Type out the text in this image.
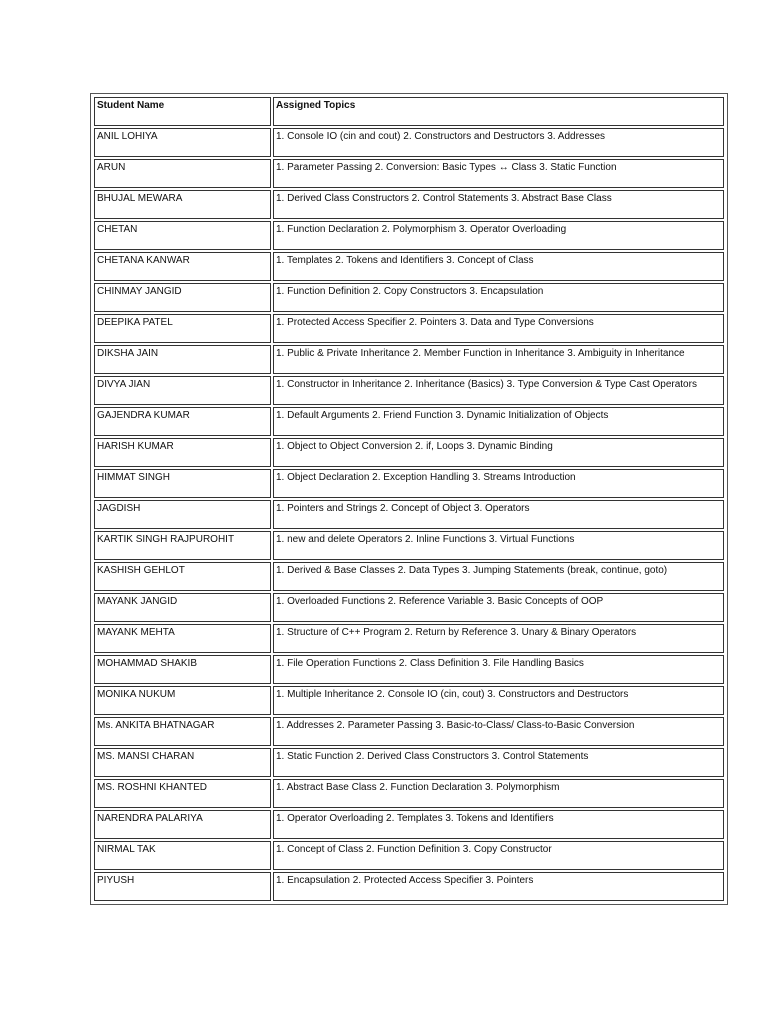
Student Name	Assigned Topics
ANIL LOHIYA	1. Console IO (cin and cout) 2. Constructors and Destructors 3. Addresses
ARUN	1. Parameter Passing 2. Conversion: Basic Types ↔ Class 3. Static Function
BHUJAL MEWARA	1. Derived Class Constructors 2. Control Statements 3. Abstract Base Class
CHETAN	1. Function Declaration 2. Polymorphism 3. Operator Overloading
CHETANA KANWAR	1. Templates 2. Tokens and Identifiers 3. Concept of Class
CHINMAY JANGID	1. Function Definition 2. Copy Constructors 3. Encapsulation
DEEPIKA PATEL	1. Protected Access Specifier 2. Pointers 3. Data and Type Conversions
DIKSHA JAIN	1. Public & Private Inheritance 2. Member Function in Inheritance 3. Ambiguity in Inheritance
DIVYA JIAN	1. Constructor in Inheritance 2. Inheritance (Basics) 3. Type Conversion & Type Cast Operators
GAJENDRA KUMAR	1. Default Arguments 2. Friend Function 3. Dynamic Initialization of Objects
HARISH KUMAR	1. Object to Object Conversion 2. if, Loops 3. Dynamic Binding
HIMMAT SINGH	1. Object Declaration 2. Exception Handling 3. Streams Introduction
JAGDISH	1. Pointers and Strings 2. Concept of Object 3. Operators
KARTIK SINGH RAJPUROHIT	1. new and delete Operators 2. Inline Functions 3. Virtual Functions
KASHISH GEHLOT	1. Derived & Base Classes 2. Data Types 3. Jumping Statements (break, continue, goto)
MAYANK JANGID	1. Overloaded Functions 2. Reference Variable 3. Basic Concepts of OOP
MAYANK MEHTA	1. Structure of C++ Program 2. Return by Reference 3. Unary & Binary Operators
MOHAMMAD SHAKIB	1. File Operation Functions 2. Class Definition 3. File Handling Basics
MONIKA NUKUM	1. Multiple Inheritance 2. Console IO (cin, cout) 3. Constructors and Destructors
Ms. ANKITA BHATNAGAR	1. Addresses 2. Parameter Passing 3. Basic-to-Class/ Class-to-Basic Conversion
MS. MANSI CHARAN	1. Static Function 2. Derived Class Constructors 3. Control Statements
MS. ROSHNI KHANTED	1. Abstract Base Class 2. Function Declaration 3. Polymorphism
NARENDRA PALARIYA	1. Operator Overloading 2. Templates 3. Tokens and Identifiers
NIRMAL TAK	1. Concept of Class 2. Function Definition 3. Copy Constructor
PIYUSH	1. Encapsulation 2. Protected Access Specifier 3. Pointers
